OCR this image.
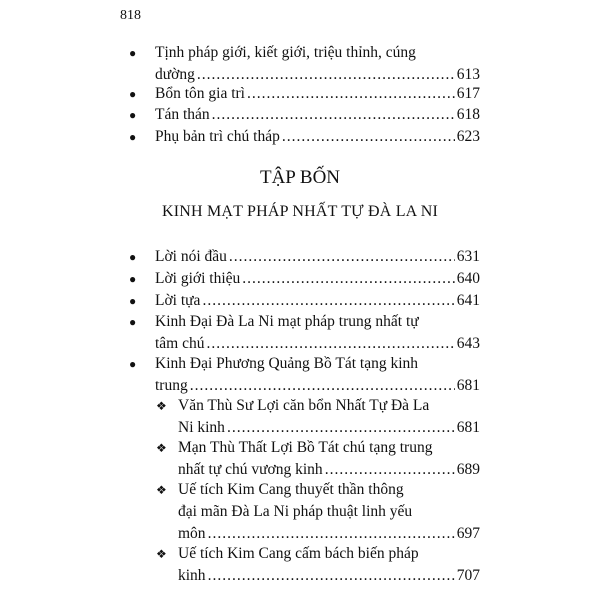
818
● Tịnh pháp giới, kiết giới, triệu thỉnh, cúng
dường .....	613
● Bổn tôn gia trì .....	617
● Tán thán .....	618
● Phụ bản trì chú tháp .....	623
TẬP BỐN
KINH MẠT PHÁP NHẤT TỰ ĐÀ LA NI
● Lời nói đầu .....	631
● Lời giới thiệu .....	640
● Lời tựa .....	641
● Kinh Đại Đà La Ni mạt pháp trung nhất tự
tâm chú .....	643
● Kinh Đại Phương Quảng Bồ Tát tạng kinh
trung .....	681
❖ Văn Thù Sư Lợi căn bổn Nhất Tự Đà La
Ni kinh .....	681
❖ Mạn Thù Thất Lợi Bồ Tát chú tạng trung
nhất tự chú vương kinh .....	689
❖ Uế tích Kim Cang thuyết thần thông
đại mãn Đà La Ni pháp thuật linh yếu
môn .....	697
❖ Uế tích Kim Cang cấm bách biến pháp
kinh .....	707
